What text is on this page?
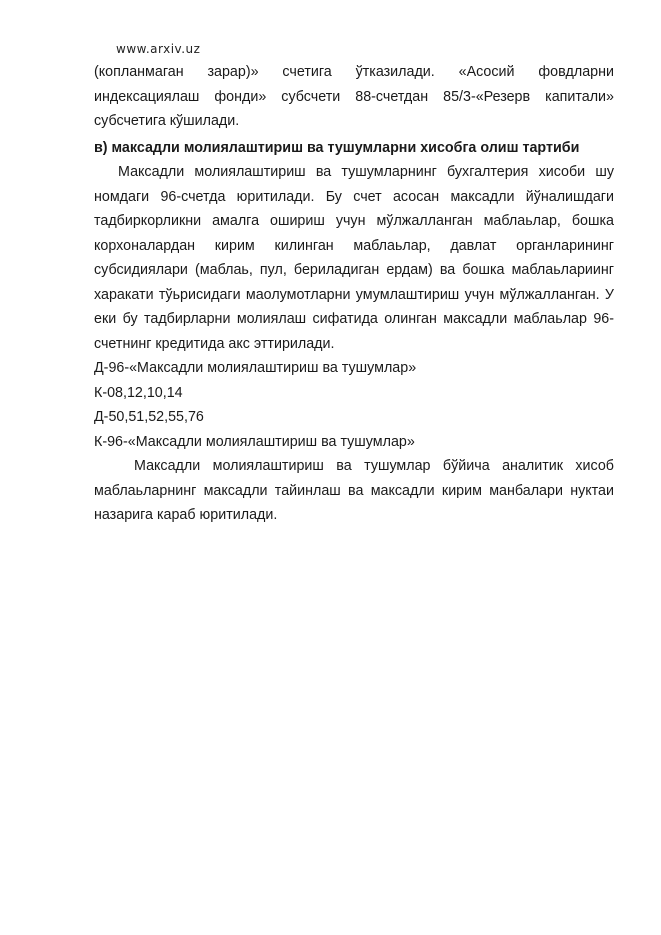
www.arxiv.uz

(копланмаган зарар)» счетига ўтказилади. «Асосий фовдларни индексациялаш фонди» субсчети 88-счетдан 85/3-«Резерв капитали» субсчетига кўшилади.

в) максадли молиялаштириш ва тушумларни хисобга олиш тартиби

Максадли молиялаштириш ва тушумларнинг бухгалтерия хисоби шу номдаги 96-счетда юритилади. Бу счет асосан максадли йўналишдаги тадбиркорликни амалга ошириш учун мўлжалланган маблаьлар, бошка корхоналардан кирим килинган маблаьлар, давлат органларининг субсидиялари (маблаь, пул, бериладиган ердам) ва бошка маблаьлариинг харакати тўьрисидаги маолумотларни умумлаштириш учун мўлжалланган. У еки бу тадбирларни молиялаш сифатида олинган максадли маблаьлар 96-счетнинг кредитида акс эттирилади.

Д-96-«Максадли молиялаштириш ва тушумлар»

К-08,12,10,14

Д-50,51,52,55,76

К-96-«Максадли молиялаштириш ва тушумлар»

Максадли молиялаштириш ва тушумлар бўйича аналитик хисоб маблаьларнинг максадли тайинлаш ва максадли кирим манбалари нуктаи назарига караб юритилади.
